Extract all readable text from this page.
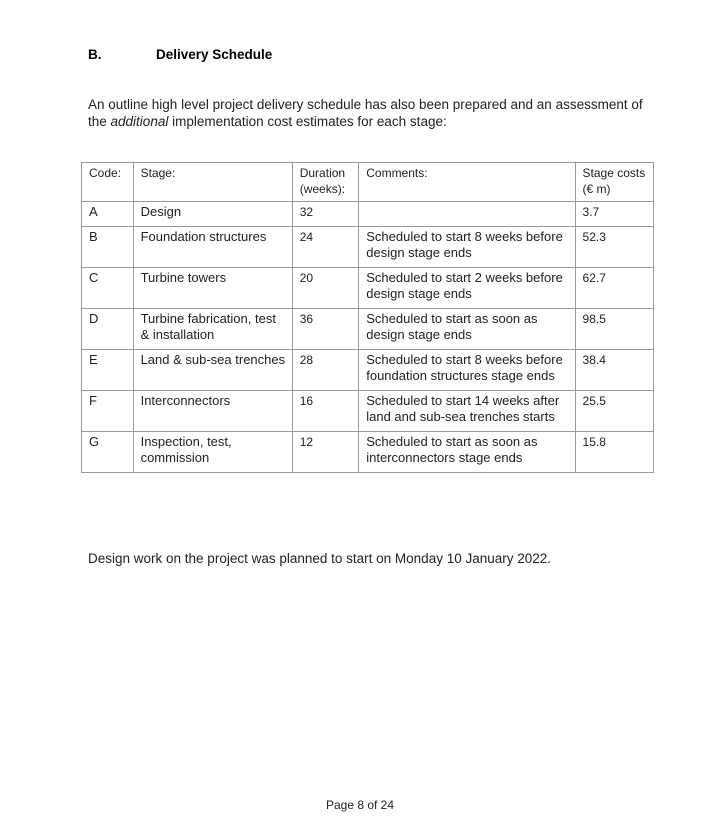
B.	Delivery Schedule

An outline high level project delivery schedule has also been prepared and an assessment of the additional implementation cost estimates for each stage:

Code:	Stage:	Duration (weeks):	Comments:	Stage costs (€ m)
A	Design	32		3.7
B	Foundation structures	24	Scheduled to start 8 weeks before design stage ends	52.3
C	Turbine towers	20	Scheduled to start 2 weeks before design stage ends	62.7
D	Turbine fabrication, test & installation	36	Scheduled to start as soon as design stage ends	98.5
E	Land & sub-sea trenches	28	Scheduled to start 8 weeks before foundation structures stage ends	38.4
F	Interconnectors	16	Scheduled to start 14 weeks after land and sub-sea trenches starts	25.5
G	Inspection, test, commission	12	Scheduled to start as soon as interconnectors stage ends	15.8

Design work on the project was planned to start on Monday 10 January 2022.

Page 8 of 24
